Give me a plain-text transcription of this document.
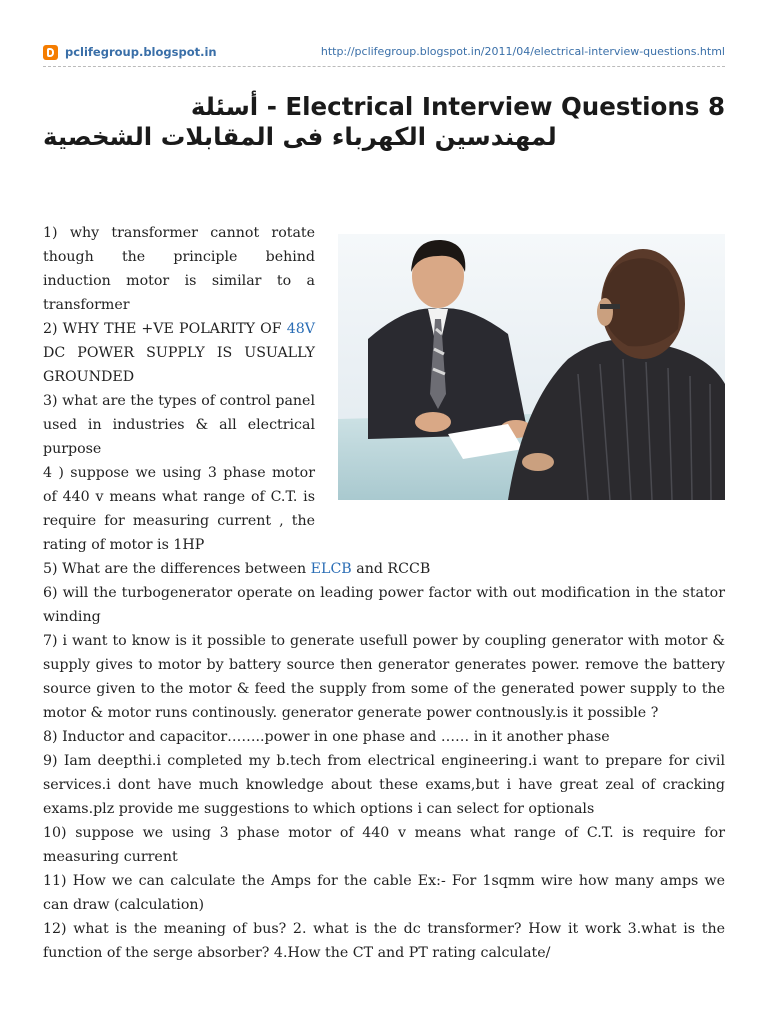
pclifegroup.blogspot.in	http://pclifegroup.blogspot.in/2011/04/electrical-interview-questions.html
أسئلة - Electrical Interview Questions 8
لمهندسين الكهرباء فى المقابلات الشخصية
1) why transformer cannot rotate though the principle behind induction motor is similar to a transformer
2) WHY THE +VE POLARITY OF 48V DC POWER SUPPLY IS USUALLY GROUNDED
3) what are the types of control panel used in industries & all electrical purpose
4 ) suppose we using 3 phase motor of 440 v means what range of C.T. is require for measuring current , the rating of motor is 1HP
5) What are the differences between ELCB and RCCB
6) will the turbogenerator operate on leading power factor with out modification in the stator winding
7) i want to know is it possible to generate usefull power by coupling generator with motor & supply gives to motor by battery source then generator generates power. remove the battery source given to the motor & feed the supply from some of the generated power supply to the motor & motor runs continously. generator generate power contnously.is it possible ?
8) Inductor and capacitor……..power in one phase and …… in it another phase
9) Iam deepthi.i completed my b.tech from electrical engineering.i want to prepare for civil services.i dont have much knowledge about these exams,but i have great zeal of cracking exams.plz provide me suggestions to which options i can select for optionals
10) suppose we using 3 phase motor of 440 v means what range of C.T. is require for measuring current
11) How we can calculate the Amps for the cable Ex:- For 1sqmm wire how many amps we can draw (calculation)
12) what is the meaning of bus? 2. what is the dc transformer? How it work 3.what is the function of the serge absorber? 4.How the CT and PT rating calculate/
